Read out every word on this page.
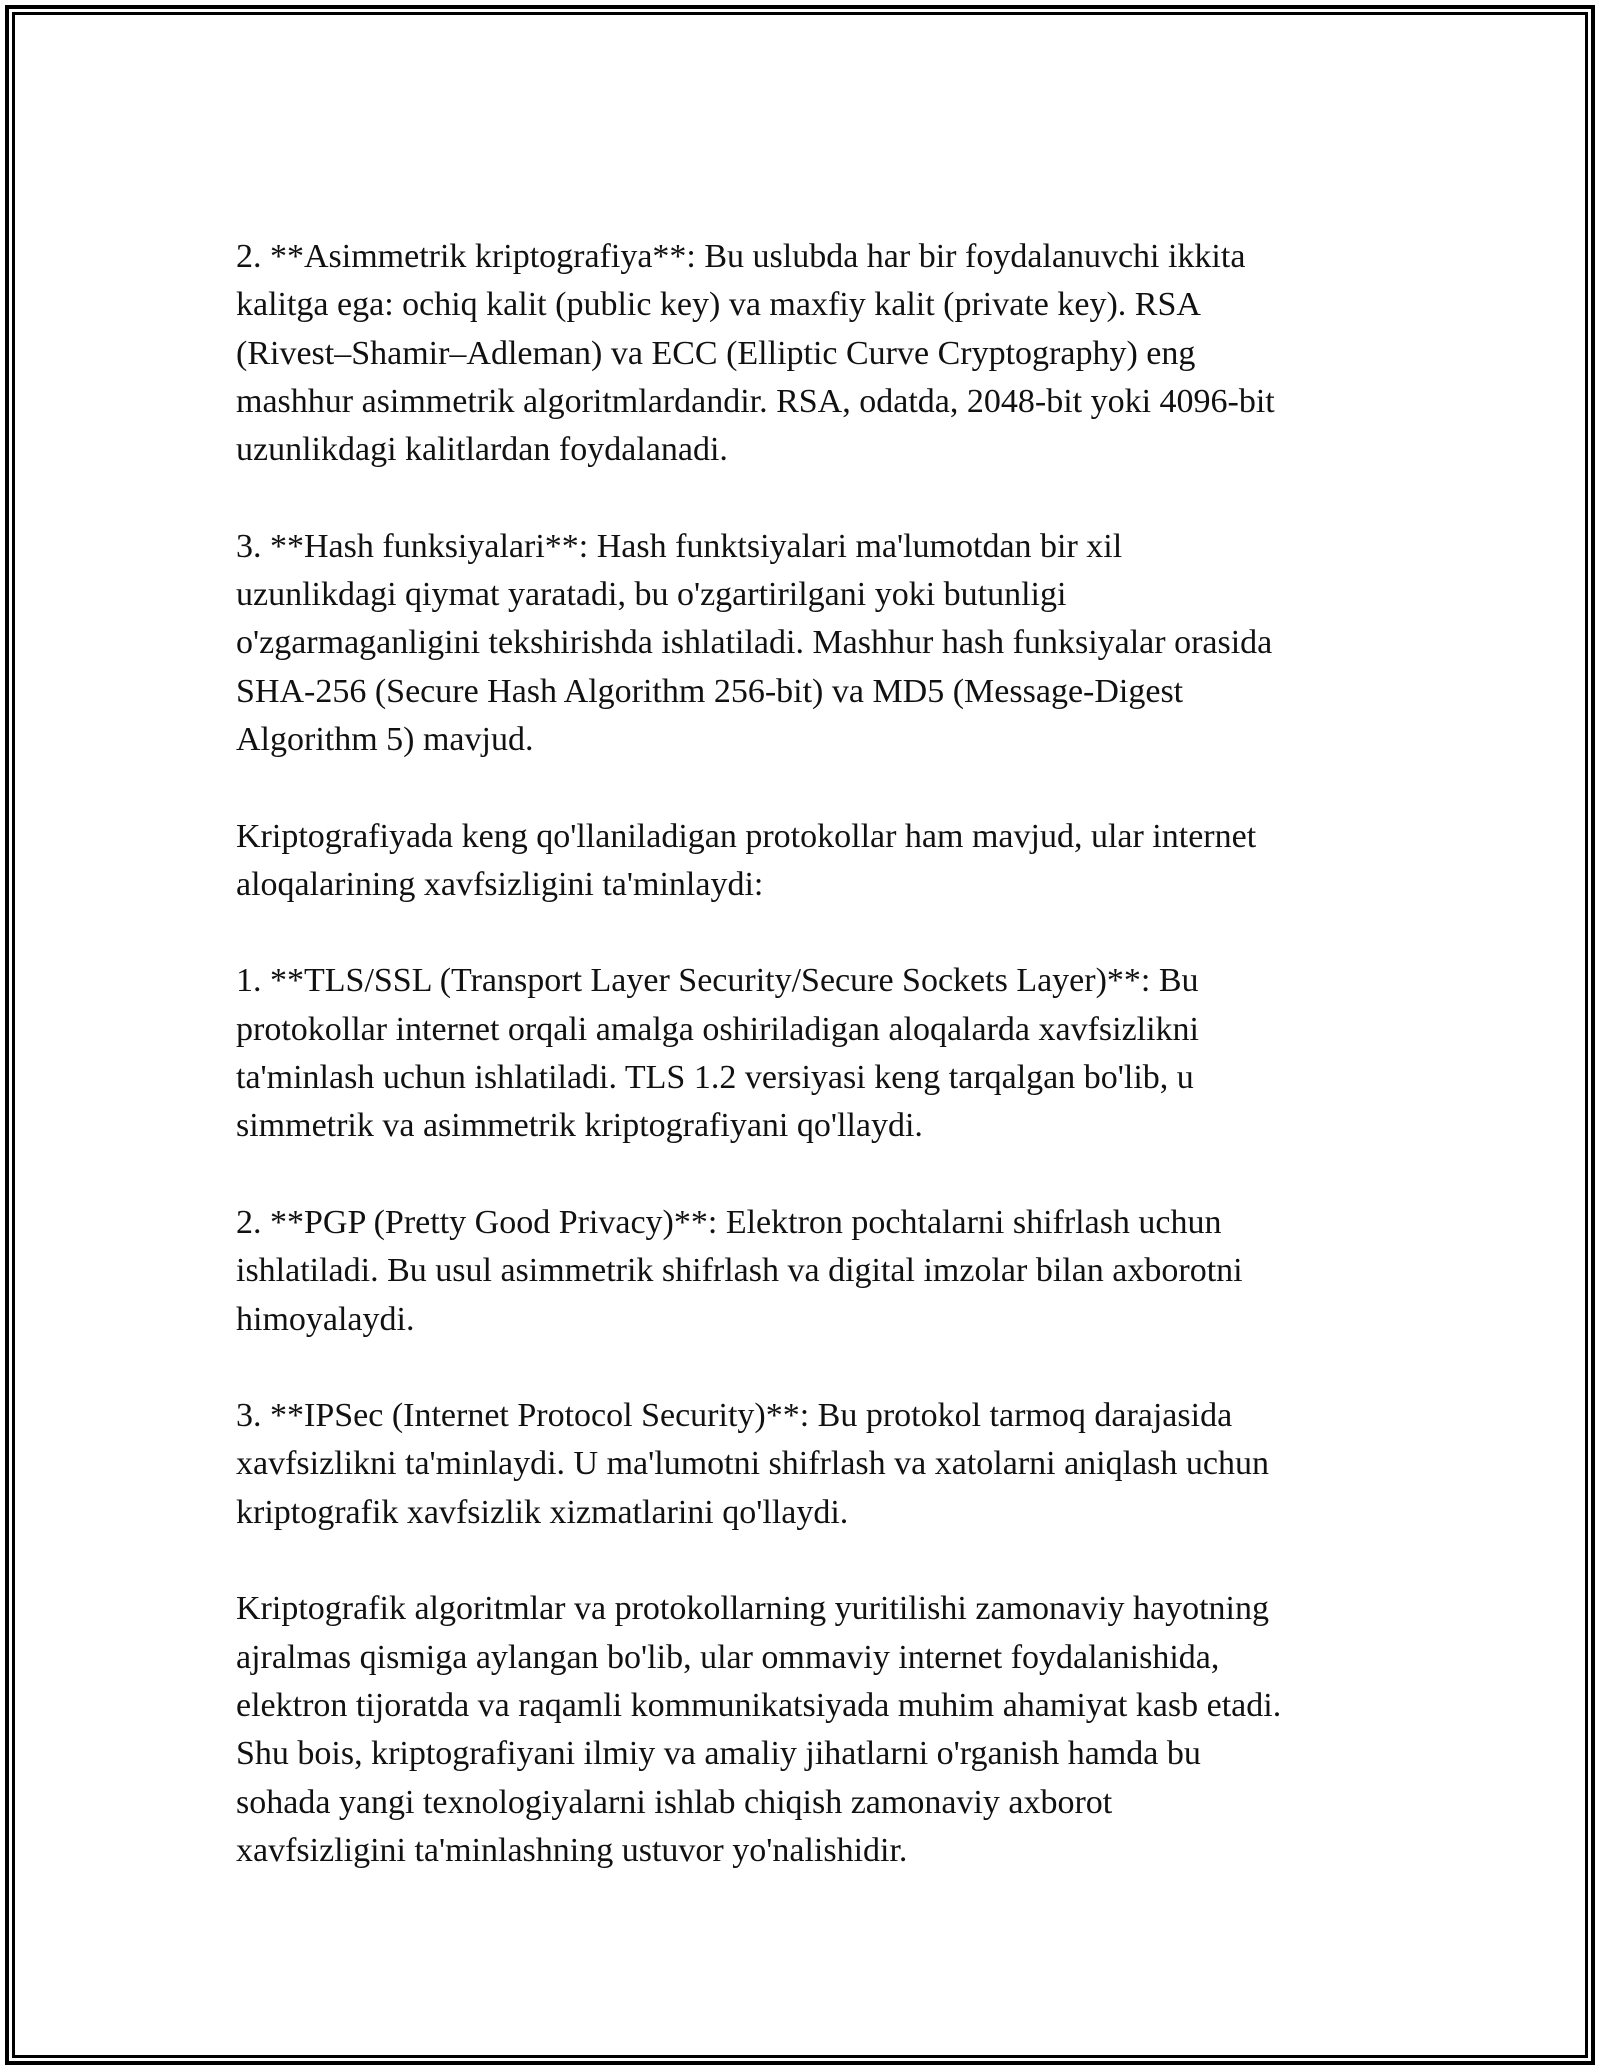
2. **Asimmetrik kriptografiya**: Bu uslubda har bir foydalanuvchi ikkita
kalitga ega: ochiq kalit (public key) va maxfiy kalit (private key). RSA
(Rivest–Shamir–Adleman) va ECC (Elliptic Curve Cryptography) eng
mashhur asimmetrik algoritmlardandir. RSA, odatda, 2048-bit yoki 4096-bit
uzunlikdagi kalitlardan foydalanadi.

3. **Hash funksiyalari**: Hash funktsiyalari ma'lumotdan bir xil
uzunlikdagi qiymat yaratadi, bu o'zgartirilgani yoki butunligi
o'zgarmaganligini tekshirishda ishlatiladi. Mashhur hash funksiyalar orasida
SHA-256 (Secure Hash Algorithm 256-bit) va MD5 (Message-Digest
Algorithm 5) mavjud.

Kriptografiyada keng qo'llaniladigan protokollar ham mavjud, ular internet
aloqalarining xavfsizligini ta'minlaydi:

1. **TLS/SSL (Transport Layer Security/Secure Sockets Layer)**: Bu
protokollar internet orqali amalga oshiriladigan aloqalarda xavfsizlikni
ta'minlash uchun ishlatiladi. TLS 1.2 versiyasi keng tarqalgan bo'lib, u
simmetrik va asimmetrik kriptografiyani qo'llaydi.

2. **PGP (Pretty Good Privacy)**: Elektron pochtalarni shifrlash uchun
ishlatiladi. Bu usul asimmetrik shifrlash va digital imzolar bilan axborotni
himoyalaydi.

3. **IPSec (Internet Protocol Security)**: Bu protokol tarmoq darajasida
xavfsizlikni ta'minlaydi. U ma'lumotni shifrlash va xatolarni aniqlash uchun
kriptografik xavfsizlik xizmatlarini qo'llaydi.

Kriptografik algoritmlar va protokollarning yuritilishi zamonaviy hayotning
ajralmas qismiga aylangan bo'lib, ular ommaviy internet foydalanishida,
elektron tijoratda va raqamli kommunikatsiyada muhim ahamiyat kasb etadi.
Shu bois, kriptografiyani ilmiy va amaliy jihatlarni o'rganish hamda bu
sohada yangi texnologiyalarni ishlab chiqish zamonaviy axborot
xavfsizligini ta'minlashning ustuvor yo'nalishidir.
